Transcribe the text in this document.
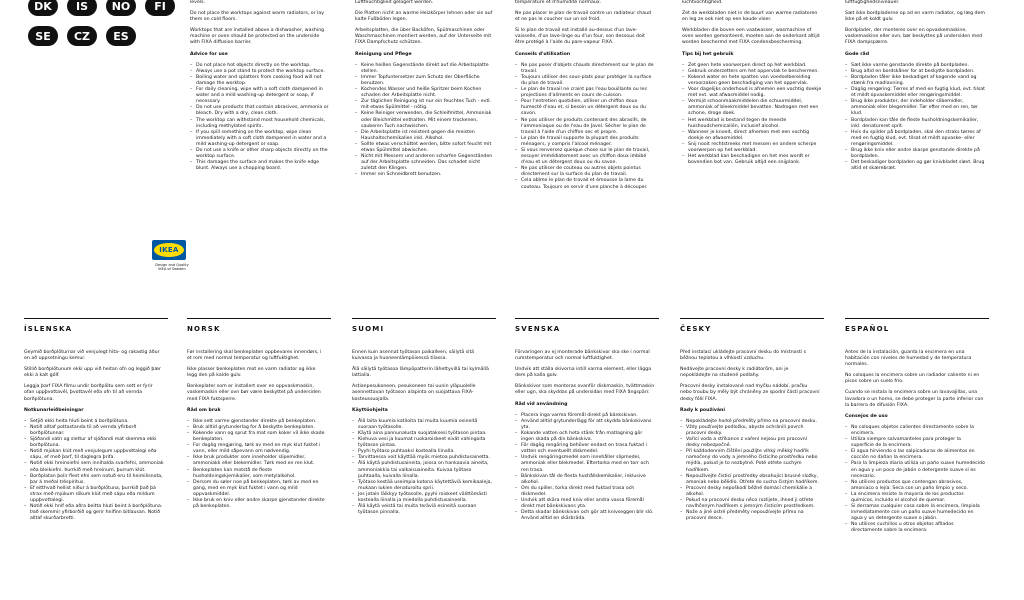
DK	IS	NO	FI
SE	CZ	ES
IKEA
Design and Quality IKEA of Sweden

levels.

Do not place the worktops against warm radiators, or lay them on cold floors.

Worktops that are installed above a dishwasher, washing machine or oven should be protected on the underside with FIXA diffusion barrier.

Advice for use

– Do not place hot objects directly on the worktop.
– Always use a pot stand to protect the worktop surface.
– Boiling water and splatters from cooking food will not damage the worktop.
– For daily cleaning, wipe with a soft cloth dampened in water and a mild washing-up detergent or soap, if necessary.
– Do not use products that contain abrasives, ammonia or bleach. Dry with a dry, clean cloth.
– The worktop can withstand most household chemicals, including methylated spirits.
– If you spill something on the worktop, wipe clean immediately with a soft cloth dampened in water and a mild washing-up detergent or soap.
– Do not use a knife or other sharp objects directly on the worktop surface.
– This damages the surface and makes the knife edge blunt. Always use a chopping board.

Luftfeuchtigkeit gelagert werden.

Die Platten nicht an warme Heizkörper lehnen oder sie auf kalte Fußböden legen.

Arbeitsplatten, die über Backöfen, Spülmaschinen oder Waschmaschinen montiert werden, auf der Unterseite mit FIXA Dampfschutz schützen.

Reinigung und Pflege

– Keine heißen Gegenstände direkt auf die Arbeitsplatte stellen.
– Immer Topfuntersetzer zum Schutz der Oberfläche benutzen.
– Kochendes Wasser und heiße Spritzer beim Kochen schaden der Arbeitsplatte nicht.
– Zur täglichen Reinigung ist nur ein feuchtes Tuch - evtl. mit etwas Spülmittel - nötig.
– Keine Reiniger verwenden, die Schleifmittel, Ammoniak oder Bleichmittel enthalten. Mit einem trockenen, sauberen Tuch nachwischen.
– Die Arbeitsplatte ist resistent gegen die meisten Haushaltschemikalien inkl. Alkohol.
– Sollte etwas verschüttet werden, bitte sofort feucht mit etwas Spülmittel abwischen.
– Nicht mit Messern und anderen scharfen Gegenständen auf der Arbeitsplatte schneiden. Das schadet nicht zuletzt den Klingen.
– Immer ein Schneidbrett benutzen.

température et d'humidité normaux.

Ne pas placer le plan de travail contre un radiateur chaud et ne pas le coucher sur un sol froid.

Si le plan de travail est installé au-dessus d'un lave-vaisselle, d'un lave-linge ou d'un four, son dessous doit être protégé à l'aide du pare-vapeur FIXA.

Conseils d'utilisation

– Ne pas poser d'objets chauds directement sur le plan de travail.
– Toujours utiliser des sous-plats pour protéger la surface du plan de travail.
– Le plan de travail ne craint pas l'eau bouillante ou les projections d'aliments en cours de cuisson.
– Pour l'entretien quotidien, utiliser un chiffon doux humecté d'eau et, si besoin un détergent doux ou du savon.
– Ne pas utiliser de produits contenant des abrasifs, de l'ammoniaque ou de l'eau de Javel. Sécher le plan de travail à l'aide d'un chiffon sec et propre.
– Le plan de travail supporte la plupart des produits ménagers, y compris l'alcool ménager.
– Si vous renversez quelque chose sur le plan de travail, essuyer immédiatement avec un chiffon doux imbibé d'eau et un détergent doux ou du savon.
– Ne pas utiliser de couteau ou autres objets pointus directement sur la surface du plan de travail.
– Cela abîme le plan de travail et émousse la lame du couteau. Toujours se servir d'une planche à découper.

luchtvochtigheid.

Zet de werkbladen niet in de buurt van warme radiatoren en leg ze ook niet op een koude vloer.

Werkbladen die boven een vaatwasser, wasmachine of oven worden gemonteerd, moeten aan de onderkant altijd worden beschermd met FIXA condensbescherming.

Tips bij het gebruik

– Zet geen hete voorwerpen direct op het werkblad.
– Gebruik onderzetters om het oppervlak te beschermen.
– Kokend water en hete spatten van voedselbereiding veroorzaken geen beschadiging van het oppervlak.
– Voor dagelijks onderhoud is afnemen een vochtig doekje met evt. wat afwasmiddel nodig.
– Vermijd schoonmaakmiddelen die schuurmiddel, ammoniak of bleekmiddel bevatten. Nadrogen met een schone, droge doek.
– Het werkblad is bestand tegen de meeste huishoudchemicaliën, inclusief alcohol.
– Wanneer je knoeit, direct afnemen met een vochtig doekje en afwasmiddel.
– Snij nooit rechtstreeks met messen en andere scherpe voorwerpen op het werkblad.
– Het werkblad kan beschadigen en het mes wordt er bovendien bot van. Gebruik altijd een snijplank.

luftfugtighedsniveauer.

Sæt ikke bordpladerne op ad en varm radiator, og læg dem ikke på et koldt gulv.

Bordplader, der monteres over en opvaskemaskine, vaskemaskine eller ovn, bør beskyttes på undersiden med FIXA dampspærre.

Gode råd

– Sæt ikke varme genstande direkte på bordpladen.
– Brug altid en bordskåner for at beskytte bordpladen.
– Bordpladen tåler ikke beskadiget af kogende vand og stænk fra madlavning.
– Daglig rengøring: Tørres af med en fugtig klud, evt. tilsat et mildt opvaskemiddel eller rengøringsmiddel.
– Brug ikke produkter, der indeholder slibemidler, ammoniak eller blegemidler. Tør efter med en ren, tør klud.
– Bordpladen kan tåle de fleste husholdningskemikalier, inkl. denatureret sprit.
– Hvis du spilder på bordpladen, skal den straks tørres af med en fugtig klud, evt. tilsat et mildt opvaske- eller rengøringsmiddel.
– Brug ikke kniv eller andre skarpe genstande direkte på bordpladen.
– Det beskadiger bordpladen og gør knivbladet sløvt. Brug altid et skærebræt.
ÍSLENSKA	NORSK	SUOMI	SVENSKA	ČESKY	ESPAÑOL

Geymið borðplöturnar við venjulegt hita- og rakastig áður en að uppsetningu kemur.

Stillið borðplötunum ekki upp við heitan ofn og leggið þær ekki á kalt gólf.

Leggja þarf FIXA filmu undir borðplötu sem sett er fyrir ofan uppþvottavél, þvottavél eða ofn til að vernda borðplötuna.

Notkunarleiðbeiningar

– Setjið ekki heita hluti beint á borðplötuna.
– Notið alltaf pottastanda til að vernda yfirborð borðplötunnar.
– Sjóðandi vatn og slettur af sjóðandi mat skemma ekki borðplötuna.
– Notið mjúkan klút með venjulegum uppþvottalegi eða sápu, ef með þarf, til daglegra þrifa.
– Notið ekki hreinsiefni sem innihalda svarfefni, ammoníak eða bleikiefni. Þurrkið með hreinum, þurrum klút.
– Borðplatan þolir flest efni sem notuð eru til heimilisnota, þar á meðal tréspíritus.
– Ef eitthvað hellist niður á borðplötuna, þurrkið það þá strax með mjúkum rökum klút með sápu eða mildum uppþvottalegi.
– Notið ekki hníf eða aðra beitta hluti beint á borðplötuna. Það skemmir yfirborðið og gerir hnífinn bitlausan. Notið alltaf skurðarbretti.

Før installering skal benkeplaten oppbevares innendørs, i et rom med normal temperatur og luftfuktighet.

Ikke plasser benkeplaten mot en varm radiator og ikke legg den på kalde gulv.

Benkeplater som er installert over en oppvaskmaskin, vaskemaskin eller ovn bør være beskyttet på undersiden med FIXA fuktsperre.

Råd om bruk

– Ikke sett varme gjenstander direkte på benkeplaten.
– Bruk alltid grytunderlag for å beskytte benkeplaten.
– Kokende vann og sprut fra mat som koker vil ikke skade benkeplaten.
– For daglig rengjøring, tørk av med en myk klut fuktet i vann, eller mild såpevann om nødvendig.
– Ikke bruk produkter som inneholder slipemidler, ammoniakk eller blekemidler. Tørk med en ren klut.
– Benkeplaten kan motstå de fleste husholdningskjemikalier, som metylalkohol.
– Dersom du søler noe på benkeplaten, tørk av med en gang, med en myk klut fuktet i vann og mild oppvaskmiddel.
– Ikke bruk en kniv eller andre skarpe gjenstander direkte på benkeplaten.

Ennen kuin asennat työtason paikalleen, säilytä sitä kuivassa ja huoneenlämpöisessä tilassa.

Älä säilytä työtasoa lämpöpatterin lähettyvillä tai kylmällä lattialla.

Astianpesukoneen, pesukoneen tai uunin yläpuolelle asennettavan työtason alapinta on suojattava FIXA-kosteussuojalla.

Käyttöohjeita

– Älä laita kuumia katiloita tai muita kuumia esineitä suoraan työtasolle.
– Käytä aina pannunalusta suojataksesi työtason pintaa.
– Kiehuva vesi ja kuumat ruokaroiskeet eivät vahingoita työtason pintaa.
– Pyyhi työtaso puhtaaksi kostealla liinalla.
– Tarvittaessa voit käyttää myös mietoa puhdistusainetta.
– Älä käytä puhdistusaineita, joissa on hankaavia aineita, ammoniakkia tai valkaisuaineita. Kuivaa työtaso puhtaalla, kuivalla liinalla.
– Työtaso kestää useimpia kotona käytettäviä kemikaaleja, mukaan lukien denaturoitu sprii.
– Jos jotain läikkyy työtasolle, pyyhi roiskeet välittömästi kostealla liinalla ja miedolla puhdistusaineella.
– Älä käytä veistä tai muita teräviä esineitä suoraan työtason pinnalla.

Förvaringen av ej monterade bänkskivor ska ske i normal rumstemperatur och normal luftfuktighet.

Undvik att ställa skivorna intill varma element, eller lägga dem på kalla golv.

Bänkskivor som monteras ovanför diskmaskin, tvättmaskin eller ugn, ska skyddas på undersidan med FIXA ångspärr.

Råd vid användning

– Placera inga varma föremål direkt på bänkskivan.
– Använd alltid grytunderlägg för att skydda bänkskivans yta.
– Kokande vatten och heta stänk från matlagning gör ingen skada på din bänkskiva.
– För daglig rengöring behöver endast en trasa fuktad i vatten och eventuellt diskmedel.
– Undvik rengöringsmedel som innehåller slipmedel, ammoniak eller blekmedel. Eftertorka med en torr och ren trasa.
– Bänkskivan tål de flesta hushållskemikalier, inklusive alkohol.
– Om du spiller, torka direkt med fuktad trasa och diskmedel.
– Undvik att skära med kniv eller andra vassa föremål direkt mot bänkskivans yta.
– Detta skadar bänkskivan och gör att knivseggen blir slö. Använd alltid en skärbräda.

Před instalací ukládejte pracovní desku do místnosti s běžnou teplotou a vlhkostí vzduchu.

Nedávejte pracovní desky k radiátorům, ani je nepokládejte na studené podlahy.

Pracovní desky instalované nad myčku nádobí, pračku nebo troubu by měly být chráněny ze spodní části pracovní desky fólií FIXA.

Rady k používání

– Nepokládejte horké předměty přímo na pracovní desku.
– Vždy používejte podložku, abyste ochránili povrch pracovní desky.
– Vařící voda a stříkance z vaření nejsou pro pracovní desky nebezpečné.
– Při každodenním čištění použijte vlhký měkký hadřík namočený do vody a jemného čisticího prostředku nebo mýdla, pokud je to nezbytné. Poté otřete suchým hadříkem.
– Nepoužívejte čisticí prostředky obsahující brusné složky, amoniak nebo bělidlo. Otřete do sucha čistým hadříkem.
– Pracovní desky nepoškodí běžné domácí chemikálie a alkohol.
– Pokud na pracovní desku něco rozlijete, ihned ji otřete navlhčeným hadříkem s jemným čisticím prostředkem.
– Nože a jiné ostré předměty nepoužívejte přímo na pracovní desce.

Antes de la instalación, guarda la encimera en una habitación con niveles de humedad y de temperatura normales.

No coloques la encimera sobre un radiador caliente ni en pisos sobre un suelo frío.

Cuando se instala la encimera sobre un lavavajillas, una lavadora o un horno, se debe proteger la parte inferior con la barrera de difusión FIXA.

Consejos de uso

– No coloques objetos calientes directamente sobre la encimera.
– Utiliza siempre salvamanteles para proteger la superficie de la encimera.
– El agua hirviendo o las salpicaduras de alimentos en cocción no dañan la encimera.
– Para la limpieza diaria utiliza un paño suave humedecido en agua y un poco de jabón o detergente suave si es necesario.
– No utilices productos que contengan abrasivos, amoniaco o lejía. Seca con un paño limpio y seco.
– La encimera resiste la mayoría de los productos químicos, incluido el alcohol de quemar.
– Si derramas cualquier cosa sobre la encimera, límpiala inmediatamente con un paño suave humedecido en agua y un detergente suave o jabón.
– No utilices cuchillos u otros objetos afilados directamente sobre la encimera.
